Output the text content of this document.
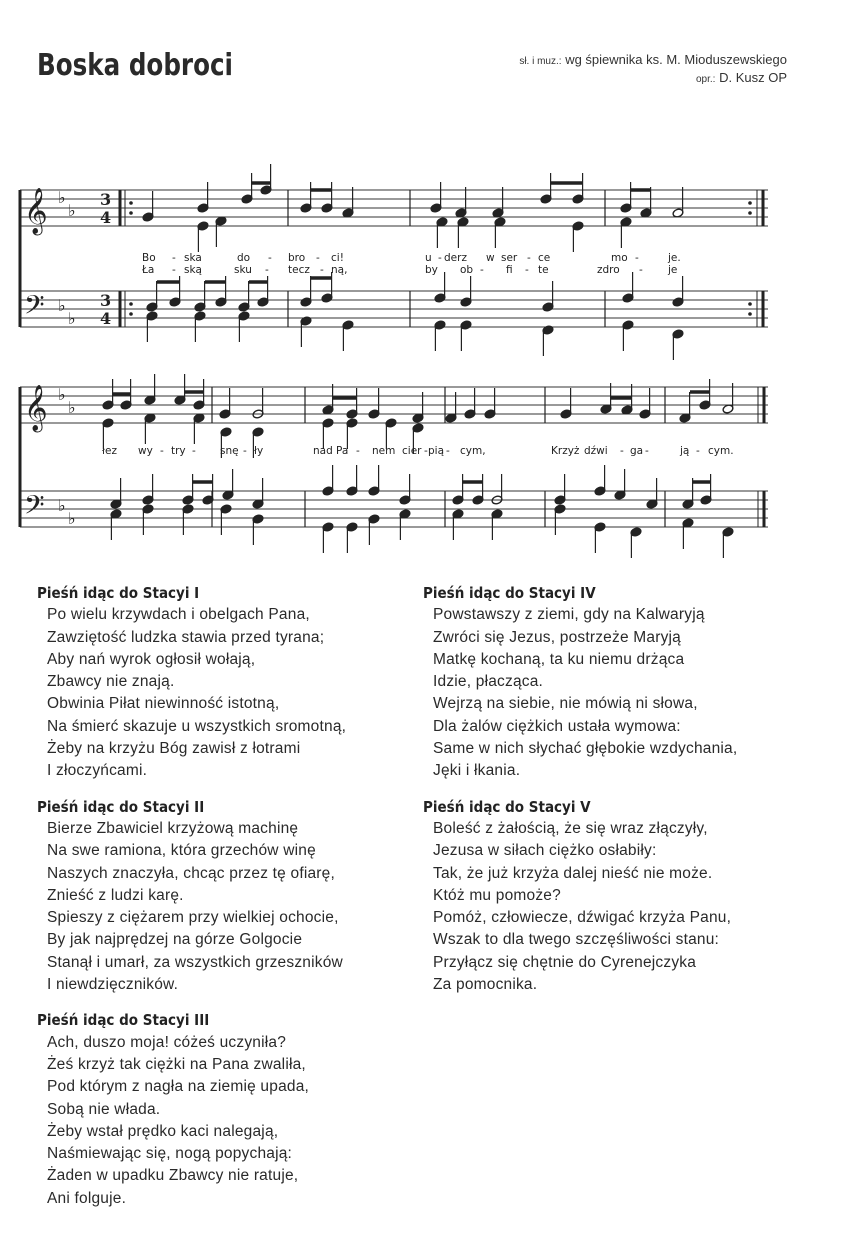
Boska dobroci	sł. i muz.: wg śpiewnika ks. M. Mioduszewskiego
opr.: D. Kusz OP
𝄞
𝄢
♭
♭
♭
♭
3
4
3
4
𝄞
𝄢
♭
♭
♭
♭
Bo - ska	do - bro - ci!	u - derz w ser - ce	mo -	je.
Ła - ską	sku - tecz - ną,	by ob - fi - te	zdro - je
łez wy - try - snę - ły	nad Pa - nem cier - pią - cym,	Krzyż dźwi - ga -	ją - cym.
Pieśń idąc do Stacyi I
Po wielu krzywdach i obelgach Pana,
Zawziętość ludzka stawia przed tyrana;
Aby nań wyrok ogłosił wołają,
Zbawcy nie znają.
Obwinia Piłat niewinność istotną,
Na śmierć skazuje u wszystkich sromotną,
Żeby na krzyżu Bóg zawisł z łotrami
I złoczyńcami.
Pieśń idąc do Stacyi II
Bierze Zbawiciel krzyżową machinę
Na swe ramiona, która grzechów winę
Naszych znaczyła, chcąc przez tę ofiarę,
Znieść z ludzi karę.
Spieszy z ciężarem przy wielkiej ochocie,
By jak najprędzej na górze Golgocie
Stanął i umarł, za wszystkich grzeszników
I niewdzięczników.
Pieśń idąc do Stacyi III
Ach, duszo moja! cóżeś uczyniła?
Żeś krzyż tak ciężki na Pana zwaliła,
Pod którym z nagła na ziemię upada,
Sobą nie włada.
Żeby wstał prędko kaci nalegają,
Naśmiewając się, nogą popychają:
Żaden w upadku Zbawcy nie ratuje,
Ani folguje.
Pieśń idąc do Stacyi IV
Powstawszy z ziemi, gdy na Kalwaryją
Zwróci się Jezus, postrzeże Maryją
Matkę kochaną, ta ku niemu drżąca
Idzie, płacząca.
Wejrzą na siebie, nie mówią ni słowa,
Dla żalów ciężkich ustała wymowa:
Same w nich słychać głębokie wzdychania,
Jęki i łkania.
Pieśń idąc do Stacyi V
Boleść z żałością, że się wraz złączyły,
Jezusa w siłach ciężko osłabiły:
Tak, że już krzyża dalej nieść nie może.
Któż mu pomoże?
Pomóż, człowiecze, dźwigać krzyża Panu,
Wszak to dla twego szczęśliwości stanu:
Przyłącz się chętnie do Cyrenejczyka
Za pomocnika.
